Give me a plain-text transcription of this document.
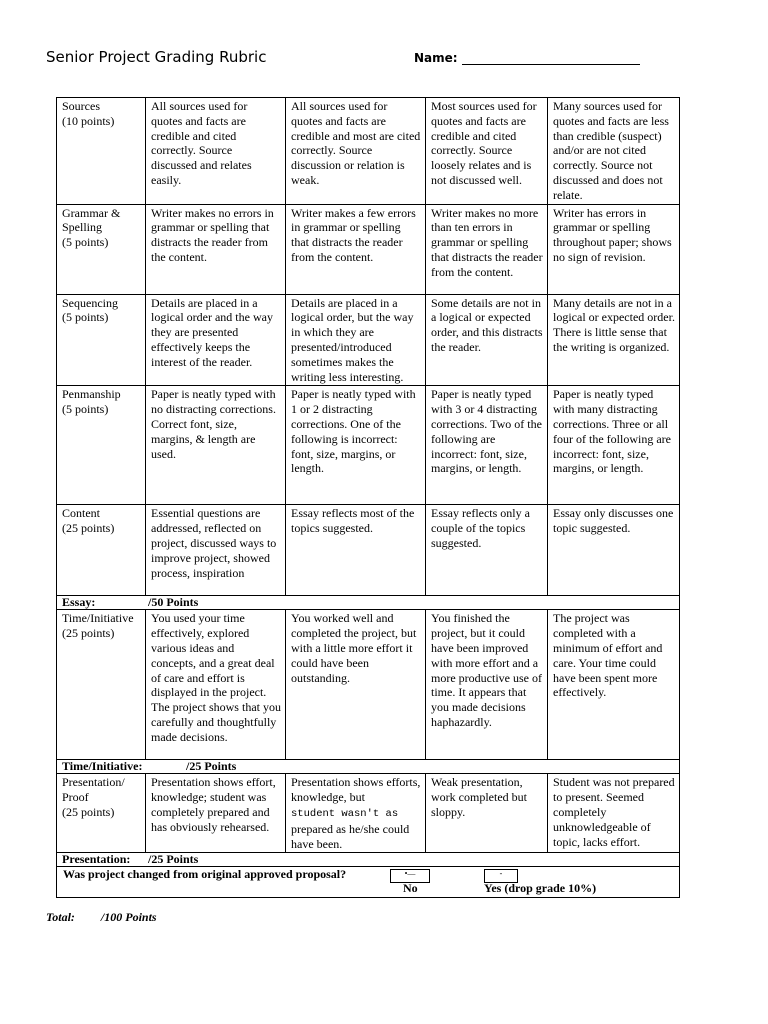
Senior Project Grading Rubric	Name:
Sources
(10 points)	All sources used for quotes and facts are credible and cited correctly. Source discussed and relates easily.	All sources used for quotes and facts are credible and most are cited correctly. Source discussion or relation is weak.	Most sources used for quotes and facts are credible and cited correctly. Source loosely relates and is not discussed well.	Many sources used for quotes and facts are less than credible (suspect) and/or are not cited correctly. Source not discussed and does not relate.
Grammar & Spelling
(5 points)	Writer makes no errors in grammar or spelling that distracts the reader from the content.	Writer makes a few errors in grammar or spelling that distracts the reader from the content.	Writer makes no more than ten errors in grammar or spelling that distracts the reader from the content.	Writer has errors in grammar or spelling throughout paper; shows no sign of revision.
Sequencing
(5 points)	Details are placed in a logical order and the way they are presented effectively keeps the interest of the reader.	Details are placed in a logical order, but the way in which they are presented/introduced sometimes makes the writing less interesting.	Some details are not in a logical or expected order, and this distracts the reader.	Many details are not in a logical or expected order. There is little sense that the writing is organized.
Penmanship
(5 points)	Paper is neatly typed with no distracting corrections. Correct font, size, margins, & length are used.	Paper is neatly typed with 1 or 2 distracting corrections. One of the following is incorrect: font, size, margins, or length.	Paper is neatly typed with 3 or 4 distracting corrections. Two of the following are incorrect: font, size, margins, or length.	Paper is neatly typed with many distracting corrections. Three or all four of the following are incorrect: font, size, margins, or length.
Content
(25 points)	Essential questions are addressed, reflected on project, discussed ways to improve project, showed process, inspiration	Essay reflects most of the topics suggested.	Essay reflects only a couple of the topics suggested.	Essay only discusses one topic suggested.
Essay: /50 Points				
Time/Initiative
(25 points)	You used your time effectively, explored various ideas and concepts, and a great deal of care and effort is displayed in the project. The project shows that you carefully and thoughtfully made decisions.	You worked well and completed the project, but with a little more effort it could have been outstanding.	You finished the project, but it could have been improved with more effort and a more productive use of time. It appears that you made decisions haphazardly.	The project was completed with a minimum of effort and care. Your time could have been spent more effectively.
Time/Initiative: /25 Points				
Presentation/ Proof
(25 points)	Presentation shows effort, knowledge; student was completely prepared and has obviously rehearsed.	Presentation shows efforts, knowledge, but
student wasn't as
prepared as he/she could have been.	Weak presentation, work completed but sloppy.	Student was not prepared to present. Seemed completely unknowledgeable of topic, lacks effort.
Presentation: /25 Points				

Was project changed from original approved proposal? •— -
No Yes (drop grade 10%)				
Total: /100 Points
